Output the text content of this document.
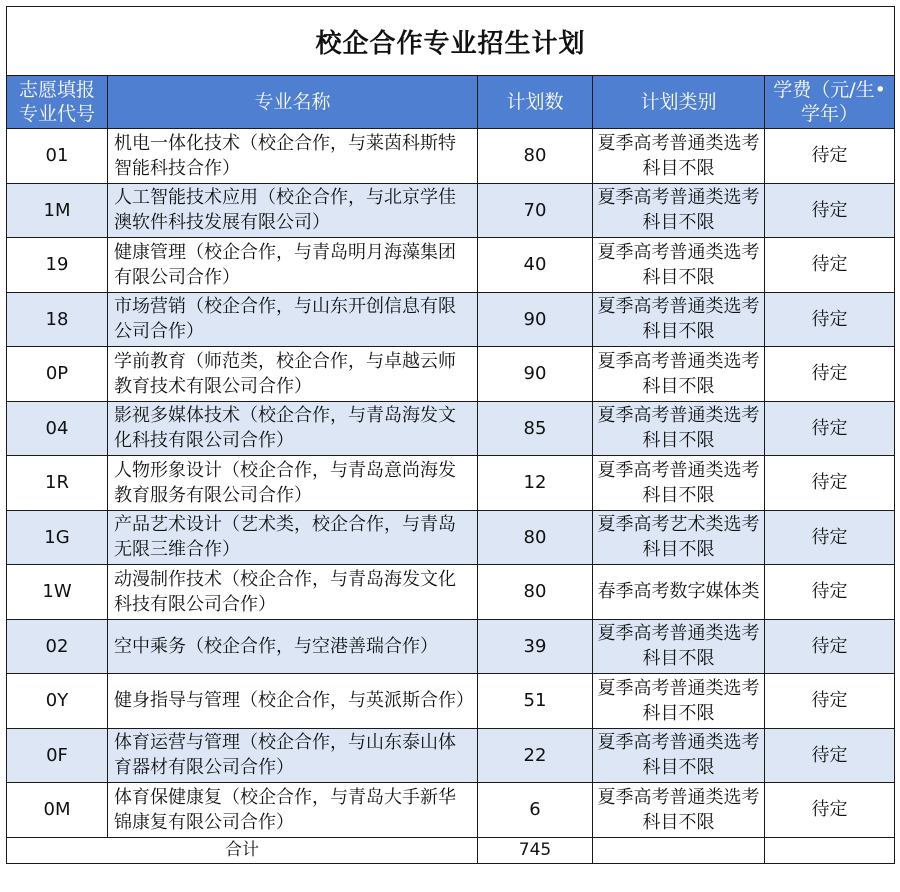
校企合作专业招生计划				
志愿填报专业代号	专业名称	计划数	计划类别	学费（元/生•学年）
01	机电一体化技术（校企合作，与莱茵科斯特智能科技合作）	80	夏季高考普通类选考科目不限	待定
1M	人工智能技术应用（校企合作，与北京学佳澳软件科技发展有限公司）	70	夏季高考普通类选考科目不限	待定
19	健康管理（校企合作，与青岛明月海藻集团有限公司合作）	40	夏季高考普通类选考科目不限	待定
18	市场营销（校企合作，与山东开创信息有限公司合作）	90	夏季高考普通类选考科目不限	待定
0P	学前教育（师范类，校企合作，与卓越云师教育技术有限公司合作）	90	夏季高考普通类选考科目不限	待定
04	影视多媒体技术（校企合作，与青岛海发文化科技有限公司合作）	85	夏季高考普通类选考科目不限	待定
1R	人物形象设计（校企合作，与青岛意尚海发教育服务有限公司合作）	12	夏季高考普通类选考科目不限	待定
1G	产品艺术设计（艺术类，校企合作，与青岛无限三维合作）	80	夏季高考艺术类选考科目不限	待定
1W	动漫制作技术（校企合作，与青岛海发文化科技有限公司合作）	80	春季高考数字媒体类	待定
02	空中乘务（校企合作，与空港善瑞合作）	39	夏季高考普通类选考科目不限	待定
0Y	健身指导与管理（校企合作，与英派斯合作）	51	夏季高考普通类选考科目不限	待定
0F	体育运营与管理（校企合作，与山东泰山体育器材有限公司合作）	22	夏季高考普通类选考科目不限	待定
0M	体育保健康复（校企合作，与青岛大手新华锦康复有限公司合作）	6	夏季高考普通类选考科目不限	待定
合计		745		
